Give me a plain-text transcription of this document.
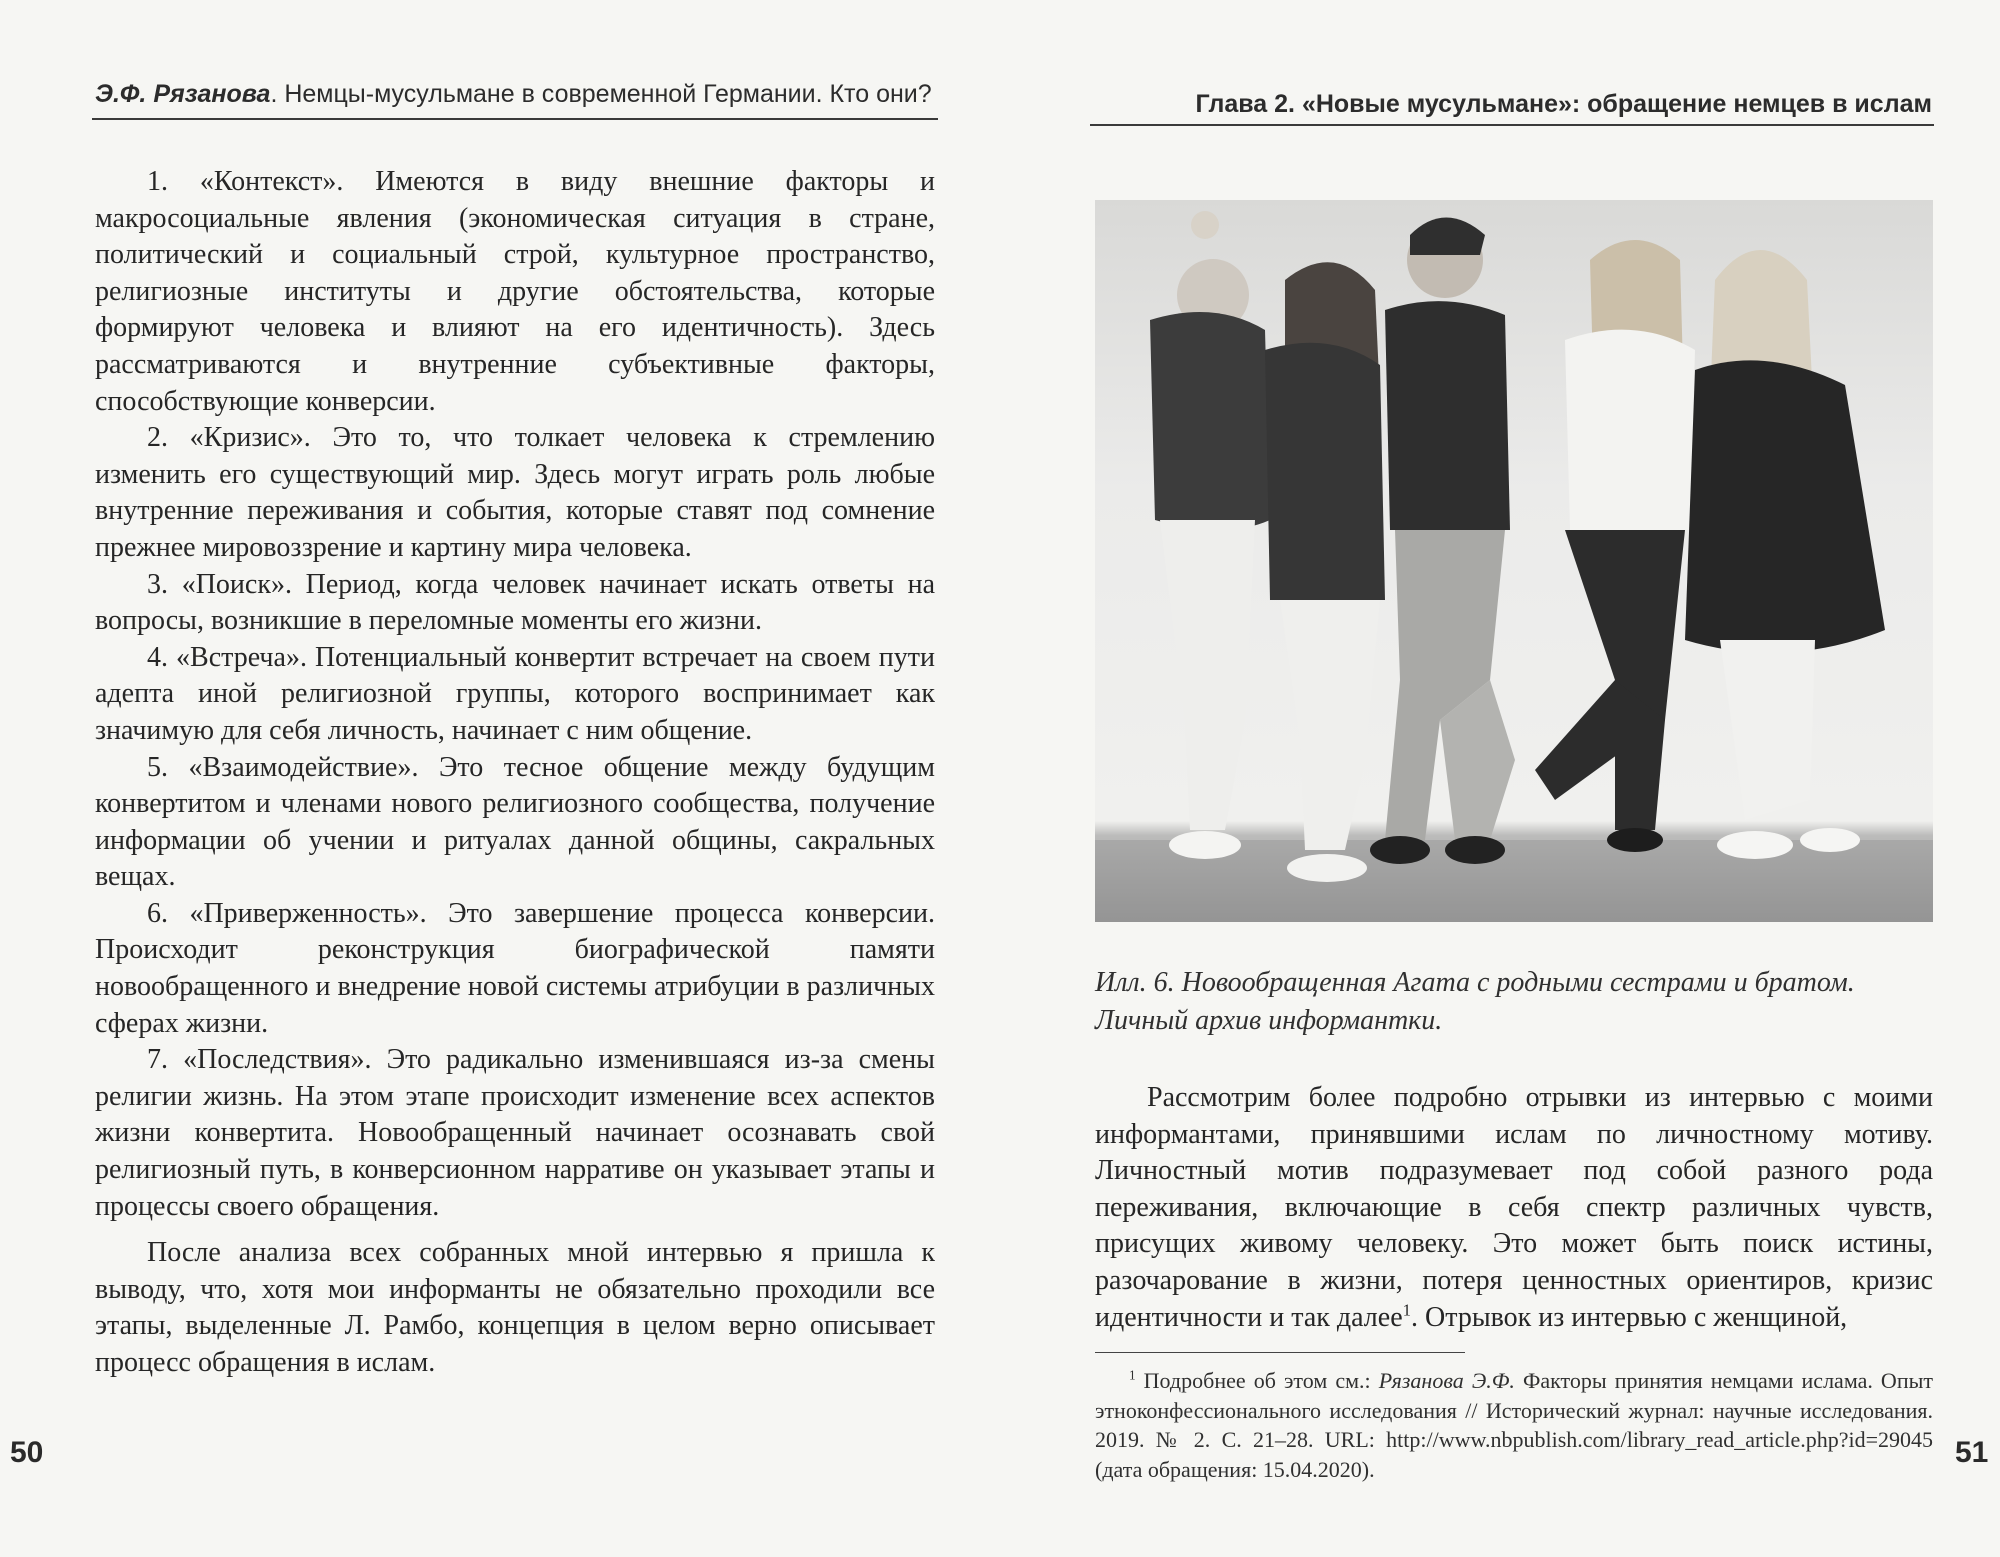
Э.Ф. Рязанова. Немцы-мусульмане в современной Германии. Кто они?

1. «Контекст». Имеются в виду внешние факторы и макросоциальные явления (экономическая ситуация в стране, политический и социальный строй, культурное пространство, религиозные институты и другие обстоятельства, которые формируют человека и влияют на его идентичность). Здесь рассматриваются и внутренние субъективные факторы, способствующие конверсии.

2. «Кризис». Это то, что толкает человека к стремлению изменить его существующий мир. Здесь могут играть роль любые внутренние переживания и события, которые ставят под сомнение прежнее мировоззрение и картину мира человека.

3. «Поиск». Период, когда человек начинает искать ответы на вопросы, возникшие в переломные моменты его жизни.

4. «Встреча». Потенциальный конвертит встречает на своем пути адепта иной религиозной группы, которого воспринимает как значимую для себя личность, начинает с ним общение.

5. «Взаимодействие». Это тесное общение между будущим конвертитом и членами нового религиозного сообщества, получение информации об учении и ритуалах данной общины, сакральных вещах.

6. «Приверженность». Это завершение процесса конверсии. Происходит реконструкция биографической памяти новообращенного и внедрение новой системы атрибуции в различных сферах жизни.

7. «Последствия». Это радикально изменившаяся из-за смены религии жизнь. На этом этапе происходит изменение всех аспектов жизни конвертита. Новообращенный начинает осознавать свой религиозный путь, в конверсионном нарративе он указывает этапы и процессы своего обращения.

После анализа всех собранных мной интервью я пришла к выводу, что, хотя мои информанты не обязательно проходили все этапы, выделенные Л. Рамбо, концепция в целом верно описывает процесс обращения в ислам.

50
Глава 2. «Новые мусульмане»: обращение немцев в ислам
Илл. 6. Новообращенная Агата с родными сестрами и братом.
Личный архив информантки.

Рассмотрим более подробно отрывки из интервью с моими информантами, принявшими ислам по личностному мотиву. Личностный мотив подразумевает под собой разного рода переживания, включающие в себя спектр различных чувств, присущих живому человеку. Это может быть поиск истины, разочарование в жизни, потеря ценностных ориентиров, кризис идентичности и так далее$^1$. Отрывок из интервью с женщиной,

$^1$ Подробнее об этом см.: Рязанова Э.Ф. Факторы принятия немцами ислама. Опыт этноконфессионального исследования // Исторический журнал: научные исследования. 2019. № 2. С. 21–28. URL: http://www.nbpublish.com/library_read_article.php?id=29045 (дата обращения: 15.04.2020).	51
